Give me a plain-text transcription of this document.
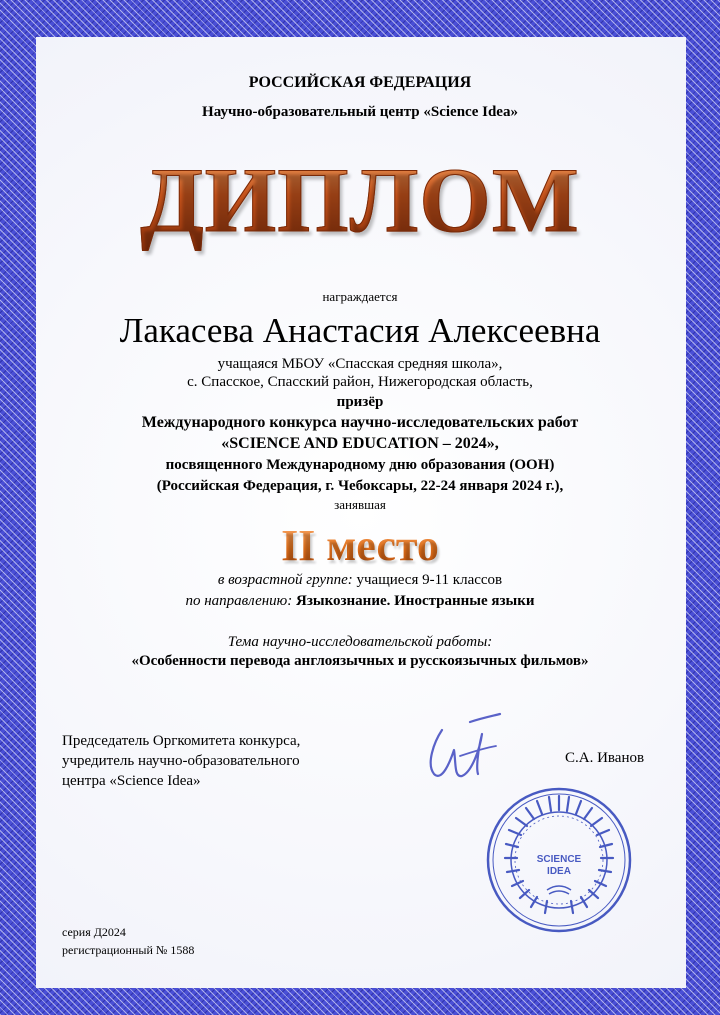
РОССИЙСКАЯ ФЕДЕРАЦИЯ
Научно-образовательный центр «Science Idea»
ДИПЛОМ
награждается
Лакасева Анастасия Алексеевна
учащаяся МБОУ «Спасская средняя школа»,
с. Спасское, Спасский район, Нижегородская область,
призёр
Международного конкурса научно-исследовательских работ
«SCIENCE AND EDUCATION – 2024»,
посвященного Международному дню образования (ООН)
(Российская Федерация, г. Чебоксары, 22-24 января 2024 г.),
занявшая
II место
в возрастной группе: учащиеся 9-11 классов
по направлению: Языкознание. Иностранные языки
Тема научно-исследовательской работы:
«Особенности перевода англоязычных и русскоязычных фильмов»
Председатель Оргкомитета конкурса,
учредитель научно-образовательного
центра «Science Idea»
С.А. Иванов
SCIENCE
IDEA
серия Д2024
регистрационный № 1588
